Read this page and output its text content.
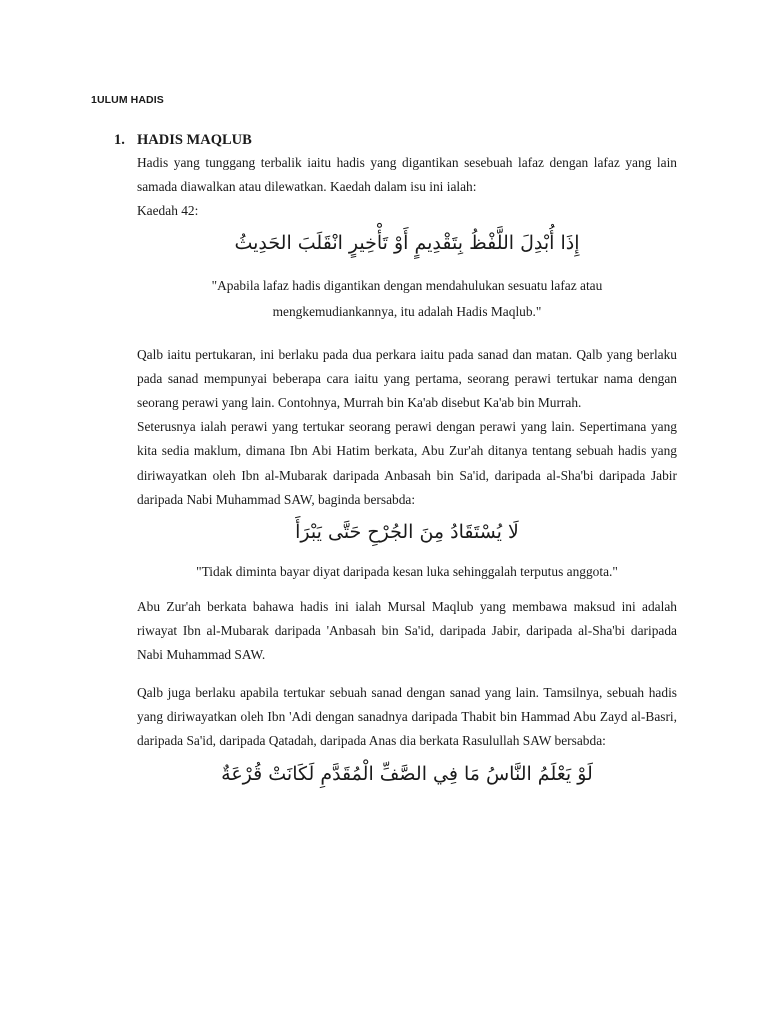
1ULUM HADIS
1. HADIS MAQLUB

Hadis yang tunggang terbalik iaitu hadis yang digantikan sesebuah lafaz dengan lafaz yang lain samada diawalkan atau dilewatkan. Kaedah dalam isu ini ialah:

Kaedah 42:

إِذَا أُبْدِلَ اللَّفْظُ بِتَقْدِيمٍ أَوْ تَأْخِيرٍ انْقَلَبَ الحَدِيثُ

"Apabila lafaz hadis digantikan dengan mendahulukan sesuatu lafaz atau

mengkemudiankannya, itu adalah Hadis Maqlub."

Qalb iaitu pertukaran, ini berlaku pada dua perkara iaitu pada sanad dan matan. Qalb yang berlaku pada sanad mempunyai beberapa cara iaitu yang pertama, seorang perawi tertukar nama dengan seorang perawi yang lain. Contohnya, Murrah bin Ka'ab disebut Ka'ab bin Murrah.

Seterusnya ialah perawi yang tertukar seorang perawi dengan perawi yang lain. Sepertimana yang kita sedia maklum, dimana Ibn Abi Hatim berkata, Abu Zur'ah ditanya tentang sebuah hadis yang diriwayatkan oleh Ibn al-Mubarak daripada Anbasah bin Sa'id, daripada al-Sha'bi daripada Jabir daripada Nabi Muhammad SAW, baginda bersabda:

لَا يُسْتَقَادُ مِنَ الجُرْحِ حَتَّى يَبْرَأَ

"Tidak diminta bayar diyat daripada kesan luka sehinggalah terputus anggota."

Abu Zur'ah berkata bahawa hadis ini ialah Mursal Maqlub yang membawa maksud ini adalah riwayat Ibn al-Mubarak daripada 'Anbasah bin Sa'id, daripada Jabir, daripada al-Sha'bi daripada Nabi Muhammad SAW.

Qalb juga berlaku apabila tertukar sebuah sanad dengan sanad yang lain. Tamsilnya, sebuah hadis yang diriwayatkan oleh Ibn 'Adi dengan sanadnya daripada Thabit bin Hammad Abu Zayd al-Basri, daripada Sa'id, daripada Qatadah, daripada Anas dia berkata Rasulullah SAW bersabda:

لَوْ يَعْلَمُ النَّاسُ مَا فِي الصَّفِّ الْمُقَدَّمِ لَكَانَتْ قُرْعَةٌ
